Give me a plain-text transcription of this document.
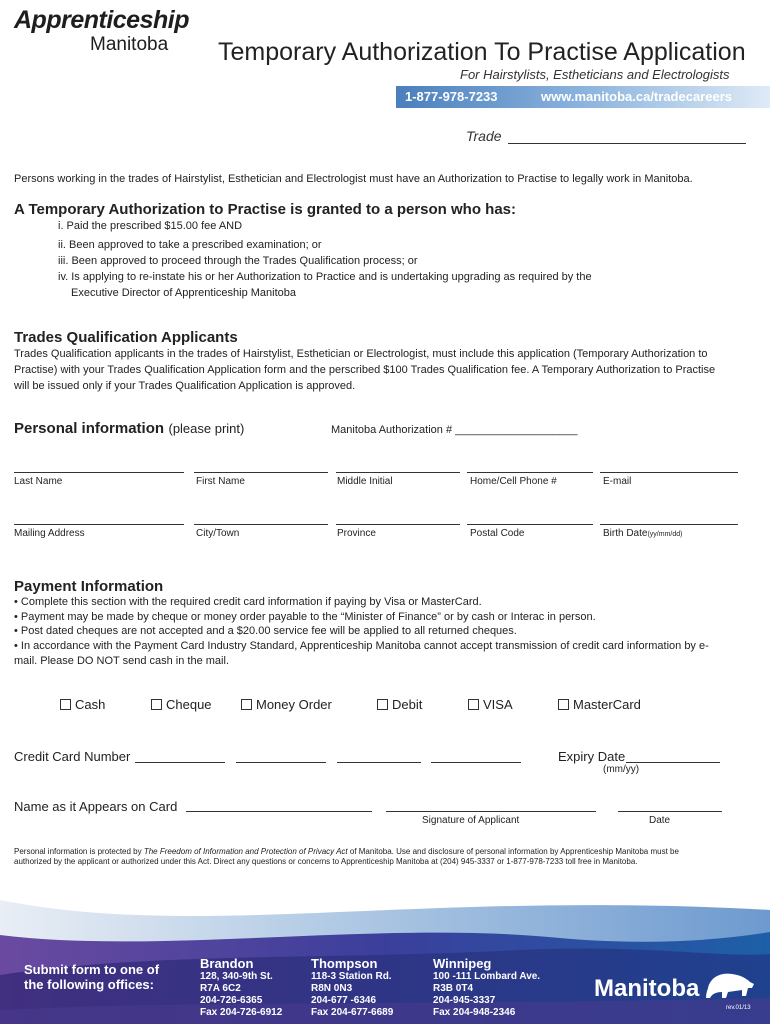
Apprenticeship
Manitoba Temporary Authorization To Practise Application
For Hairstylists, Estheticians and Electrologists
1-877-978-7233	www.manitoba.ca/tradecareers
Trade
Persons working in the trades of Hairstylist, Esthetician and Electrologist must have an Authorization to Practise to legally work in Manitoba.
A Temporary Authorization to Practise is granted to a person who has:
i. Paid the prescribed $15.00 fee AND
ii. Been approved to take a prescribed examination; or
iii. Been approved to proceed through the Trades Qualification process; or
iv. Is applying to re-instate his or her Authorization to Practice and is undertaking upgrading as required by the
Executive Director of Apprenticeship Manitoba
Trades Qualification Applicants
Trades Qualification applicants in the trades of Hairstylist, Esthetician or Electrologist, must include this application (Temporary Authorization to
Practise) with your Trades Qualification Application form and the perscribed $100 Trades Qualification fee. A Temporary Authorization to Practise
will be issued only if your Trades Qualification Application is approved.
Personal information (please print)	Manitoba Authorization # ____________________
Last Name	First Name	Middle Initial	Home/Cell Phone #	E-mail
Mailing Address	City/Town	Province	Postal Code	Birth Date(yy/mm/dd)
Payment Information
• Complete this section with the required credit card information if paying by Visa or MasterCard.
• Payment may be made by cheque or money order payable to the “Minister of Finance” or by cash or Interac in person.
• Post dated cheques are not accepted and a $20.00 service fee will be applied to all returned cheques.
• In accordance with the Payment Card Industry Standard, Apprenticeship Manitoba cannot accept transmission of credit card information by e-
mail. Please DO NOT send cash in the mail.
Cash	Cheque	Money Order	Debit	VISA	MasterCard
Credit Card Number	Expiry Date
(mm/yy)
Name as it Appears on Card
Signature of Applicant	Date
Personal information is protected by The Freedom of Information and Protection of Privacy Act of Manitoba. Use and disclosure of personal information by Apprenticeship Manitoba must be
authorized by the applicant or authorized under this Act. Direct any questions or concerns to Apprenticeship Manitoba at (204) 945-3337 or 1-877-978-7233 toll free in Manitoba.
Submit form to one of
the following offices:
Brandon
128, 340-9th St.
R7A 6C2
204-726-6365
Fax 204-726-6912
Thompson
118-3 Station Rd.
R8N 0N3
204-677 -6346
Fax 204-677-6689
Winnipeg
100 -111 Lombard Ave.
R3B 0T4
204-945-3337
Fax 204-948-2346
Manitoba
rev.01/13
